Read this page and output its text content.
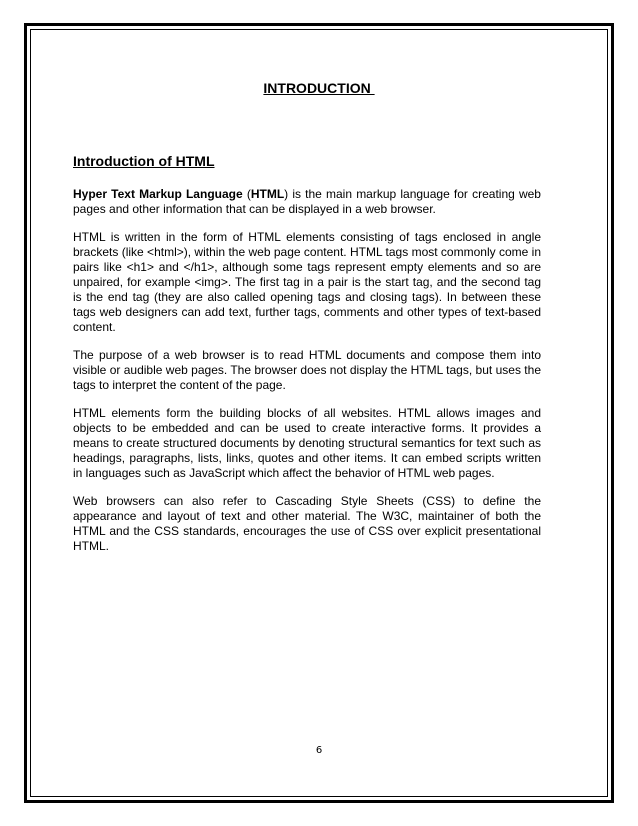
INTRODUCTION
Introduction of HTML

Hyper Text Markup Language (HTML) is the main markup language for creating web pages and other information that can be displayed in a web browser.

HTML is written in the form of HTML elements consisting of tags enclosed in angle brackets (like <html>), within the web page content. HTML tags most commonly come in pairs like <h1> and </h1>, although some tags represent empty elements and so are unpaired, for example <img>. The first tag in a pair is the start tag, and the second tag is the end tag (they are also called opening tags and closing tags). In between these tags web designers can add text, further tags, comments and other types of text-based content.

The purpose of a web browser is to read HTML documents and compose them into visible or audible web pages. The browser does not display the HTML tags, but uses the tags to interpret the content of the page.

HTML elements form the building blocks of all websites. HTML allows images and objects to be embedded and can be used to create interactive forms. It provides a means to create structured documents by denoting structural semantics for text such as headings, paragraphs, lists, links, quotes and other items. It can embed scripts written in languages such as JavaScript which affect the behavior of HTML web pages.

Web browsers can also refer to Cascading Style Sheets (CSS) to define the appearance and layout of text and other material. The W3C, maintainer of both the HTML and the CSS standards, encourages the use of CSS over explicit presentational HTML.

6
